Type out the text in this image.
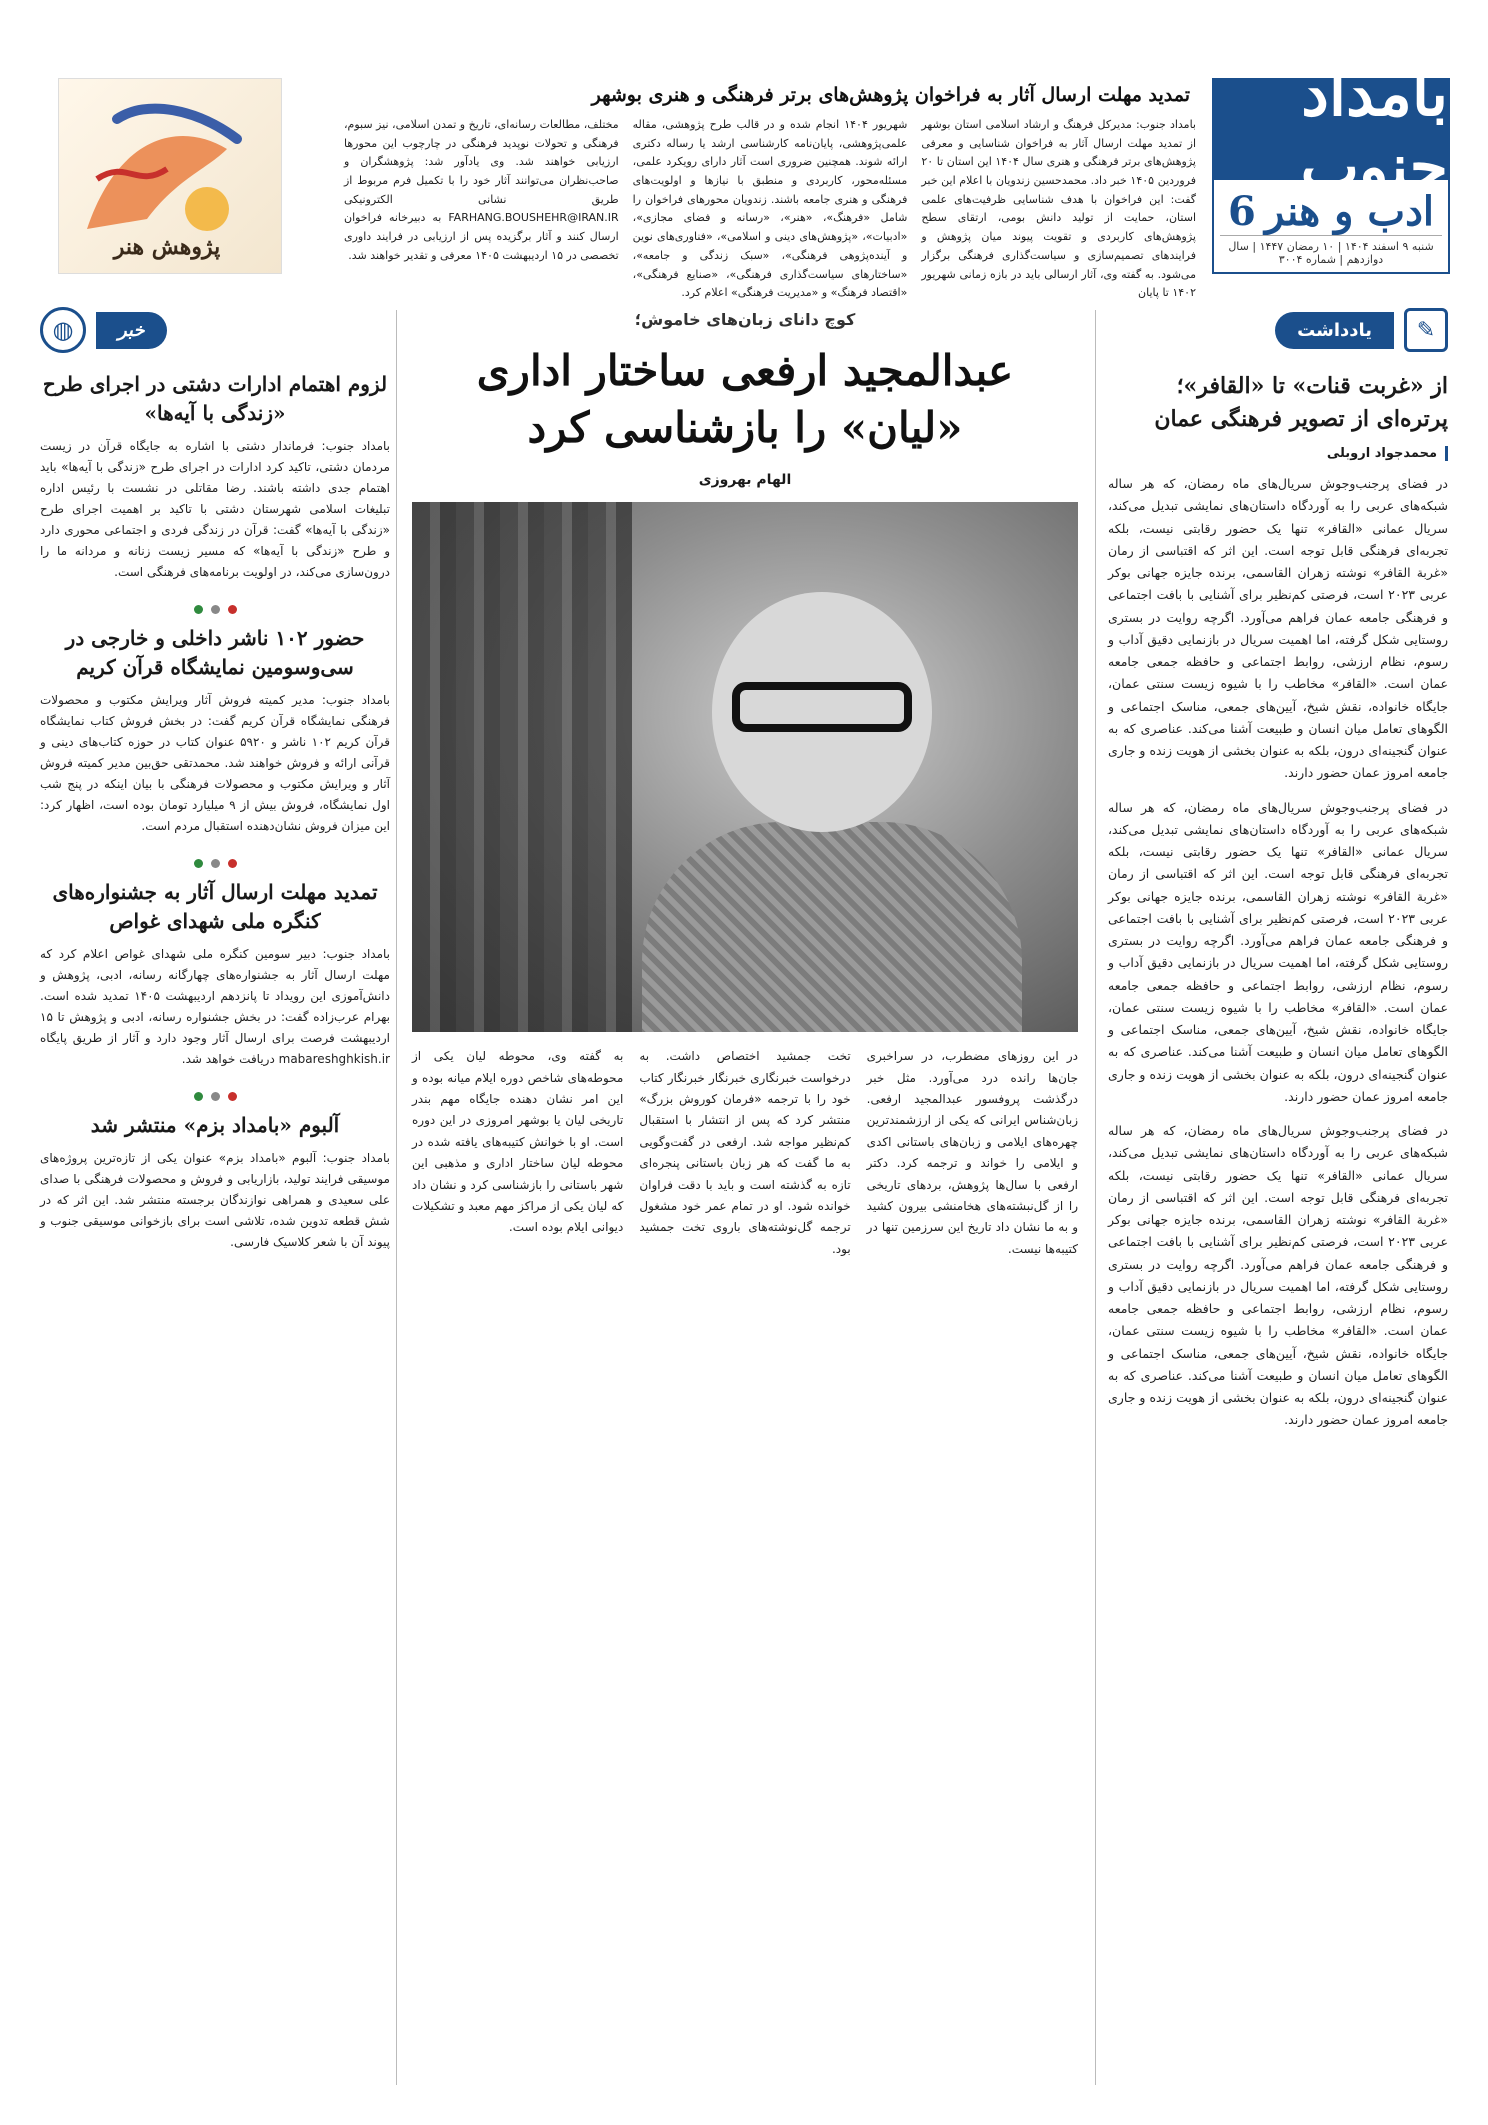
بامداد جنوب
ادب و هنر
6
شنبه ۹ اسفند ۱۴۰۴ | ۱۰ رمضان ۱۴۴۷ | سال دوازدهم | شماره ۳۰۰۴
تمدید مهلت ارسال آثار به فراخوان پژوهش‌های برتر فرهنگی و هنری بوشهر

بامداد جنوب: مدیرکل فرهنگ و ارشاد اسلامی استان بوشهر از تمدید مهلت ارسال آثار به فراخوان شناسایی و معرفی پژوهش‌های برتر فرهنگی و هنری سال ۱۴۰۴ این استان تا ۲۰ فروردین ۱۴۰۵ خبر داد. محمدحسین زندویان با اعلام این خبر گفت: این فراخوان با هدف شناسایی ظرفیت‌های علمی استان، حمایت از تولید دانش بومی، ارتقای سطح پژوهش‌های کاربردی و تقویت پیوند میان پژوهش و فرایندهای تصمیم‌سازی و سیاست‌گذاری فرهنگی برگزار می‌شود. به گفته وی، آثار ارسالی باید در بازه زمانی شهریور ۱۴۰۲ تا پایان

شهریور ۱۴۰۴ انجام شده و در قالب طرح پژوهشی، مقاله علمی‌پژوهشی، پایان‌نامه کارشناسی ارشد یا رساله دکتری ارائه شوند. همچنین ضروری است آثار دارای رویکرد علمی، مسئله‌محور، کاربردی و منطبق با نیازها و اولویت‌های فرهنگی و هنری جامعه باشند. زندویان محورهای فراخوان را شامل «فرهنگ»، «هنر»، «رسانه و فضای مجازی»، «ادبیات»، «پژوهش‌های دینی و اسلامی»، «فناوری‌های نوین و آینده‌پژوهی فرهنگی»، «سبک زندگی و جامعه»، «ساختارهای سیاست‌گذاری فرهنگی»، «صنایع فرهنگی»، «اقتصاد فرهنگ» و «مدیریت فرهنگی» اعلام کرد.

مختلف، مطالعات رسانه‌ای، تاریخ و تمدن اسلامی، نیز سبوم، فرهنگی و تحولات نوپدید فرهنگی در چارچوب این محورها ارزیابی خواهند شد. وی یادآور شد: پژوهشگران و صاحب‌نظران می‌توانند آثار خود را با تکمیل فرم مربوط از طریق نشانی الکترونیکی FARHANG.BOUSHEHR@IRAN.IR به دبیرخانه فراخوان ارسال کنند و آثار برگزیده پس از ارزیابی در فرایند داوری تخصصی در ۱۵ اردیبهشت ۱۴۰۵ معرفی و تقدیر خواهند شد.

پژوهش هنر
✎
یادداشت
خبر
◍
از «غربت قنات» تا «القافر»؛ پرتره‌ای از تصویر فرهنگی عمان
محمدجواد اروبلی

در فضای پرجنب‌وجوش سریال‌های ماه رمضان، که هر ساله شبکه‌های عربی را به آوردگاه داستان‌های نمایشی تبدیل می‌کند، سریال عمانی «القافر» تنها یک حضور رقابتی نیست، بلکه تجربه‌ای فرهنگی قابل توجه است. این اثر که اقتباسی از رمان «غربة القافر» نوشته زهران القاسمی، برنده جایزه جهانی بوکر عربی ۲۰۲۳ است، فرصتی کم‌نظیر برای آشنایی با بافت اجتماعی و فرهنگی جامعه عمان فراهم می‌آورد. اگرچه روایت در بستری روستایی شکل گرفته، اما اهمیت سریال در بازنمایی دقیق آداب و رسوم، نظام ارزشی، روابط اجتماعی و حافظه جمعی جامعه عمان است. «القافر» مخاطب را با شیوه زیست سنتی عمان، جایگاه خانواده، نقش شیخ، آیین‌های جمعی، مناسک اجتماعی و الگوهای تعامل میان انسان و طبیعت آشنا می‌کند. عناصری که به عنوان گنجینه‌ای درون، بلکه به عنوان بخشی از هویت زنده و جاری جامعه امروز عمان حضور دارند.

در فضای پرجنب‌وجوش سریال‌های ماه رمضان، که هر ساله شبکه‌های عربی را به آوردگاه داستان‌های نمایشی تبدیل می‌کند، سریال عمانی «القافر» تنها یک حضور رقابتی نیست، بلکه تجربه‌ای فرهنگی قابل توجه است. این اثر که اقتباسی از رمان «غربة القافر» نوشته زهران القاسمی، برنده جایزه جهانی بوکر عربی ۲۰۲۳ است، فرصتی کم‌نظیر برای آشنایی با بافت اجتماعی و فرهنگی جامعه عمان فراهم می‌آورد. اگرچه روایت در بستری روستایی شکل گرفته، اما اهمیت سریال در بازنمایی دقیق آداب و رسوم، نظام ارزشی، روابط اجتماعی و حافظه جمعی جامعه عمان است. «القافر» مخاطب را با شیوه زیست سنتی عمان، جایگاه خانواده، نقش شیخ، آیین‌های جمعی، مناسک اجتماعی و الگوهای تعامل میان انسان و طبیعت آشنا می‌کند. عناصری که به عنوان گنجینه‌ای درون، بلکه به عنوان بخشی از هویت زنده و جاری جامعه امروز عمان حضور دارند.

در فضای پرجنب‌وجوش سریال‌های ماه رمضان، که هر ساله شبکه‌های عربی را به آوردگاه داستان‌های نمایشی تبدیل می‌کند، سریال عمانی «القافر» تنها یک حضور رقابتی نیست، بلکه تجربه‌ای فرهنگی قابل توجه است. این اثر که اقتباسی از رمان «غربة القافر» نوشته زهران القاسمی، برنده جایزه جهانی بوکر عربی ۲۰۲۳ است، فرصتی کم‌نظیر برای آشنایی با بافت اجتماعی و فرهنگی جامعه عمان فراهم می‌آورد. اگرچه روایت در بستری روستایی شکل گرفته، اما اهمیت سریال در بازنمایی دقیق آداب و رسوم، نظام ارزشی، روابط اجتماعی و حافظه جمعی جامعه عمان است. «القافر» مخاطب را با شیوه زیست سنتی عمان، جایگاه خانواده، نقش شیخ، آیین‌های جمعی، مناسک اجتماعی و الگوهای تعامل میان انسان و طبیعت آشنا می‌کند. عناصری که به عنوان گنجینه‌ای درون، بلکه به عنوان بخشی از هویت زنده و جاری جامعه امروز عمان حضور دارند.

کوچ دانای زبان‌های خاموش؛
عبدالمجید ارفعی ساختار اداری «لیان» را بازشناسی کرد
الهام بهروزی

در این روزهای مضطرب، در سراخبری جان‌ها رانده درد می‌آورد. مثل خبر درگذشت پروفسور عبدالمجید ارفعی. زبان‌شناس ایرانی که یکی از ارزشمندترین چهره‌های ایلامی و زبان‌های باستانی اکدی و ایلامی را خواند و ترجمه کرد. دکتر ارفعی با سال‌ها پژوهش، بردهای تاریخی را از گل‌نبشته‌های هخامنشی بیرون کشید و به ما نشان داد تاریخ این سرزمین تنها در کتیبه‌ها نیست.

تخت جمشید اختصاص داشت. به درخواست خبرنگاری خبرنگار خبرنگار کتاب خود را با ترجمه «فرمان کوروش بزرگ» منتشر کرد که پس از انتشار با استقبال کم‌نظیر مواجه شد. ارفعی در گفت‌وگویی به ما گفت که هر زبان باستانی پنجره‌ای تازه به گذشته است و باید با دقت فراوان خوانده شود. او در تمام عمر خود مشغول ترجمه گل‌نوشته‌های باروی تخت جمشید بود.

به گفته وی، محوطه لیان یکی از محوطه‌های شاخص دوره ایلام میانه بوده و این امر نشان دهنده جایگاه مهم بندر تاریخی لیان یا بوشهر امروزی در این دوره است. او با خوانش کتیبه‌های یافته شده در محوطه لیان ساختار اداری و مذهبی این شهر باستانی را بازشناسی کرد و نشان داد که لیان یکی از مراکز مهم معبد و تشکیلات دیوانی ایلام بوده است.

لزوم اهتمام ادارات دشتی در اجرای طرح «زندگی با آیه‌ها»

بامداد جنوب: فرماندار دشتی با اشاره به جایگاه قرآن در زیست مردمان دشتی، تاکید کرد ادارات در اجرای طرح «زندگی با آیه‌ها» باید اهتمام جدی داشته باشند. رضا مقاتلی در نشست با رئیس اداره تبلیغات اسلامی شهرستان دشتی با تاکید بر اهمیت اجرای طرح «زندگی با آیه‌ها» گفت: قرآن در زندگی فردی و اجتماعی محوری دارد و طرح «زندگی با آیه‌ها» که مسیر زیست زنانه و مردانه ما را درون‌سازی می‌کند، در اولویت برنامه‌های فرهنگی است.

حضور ۱۰۲ ناشر داخلی و خارجی در سی‌وسومین نمایشگاه قرآن کریم

بامداد جنوب: مدیر کمیته فروش آثار ویرایش مکتوب و محصولات فرهنگی نمایشگاه قرآن کریم گفت: در بخش فروش کتاب نمایشگاه قرآن کریم ۱۰۲ ناشر و ۵۹۲۰ عنوان کتاب در حوزه کتاب‌های دینی و قرآنی ارائه و فروش خواهند شد. محمدتقی حق‌بین مدیر کمیته فروش آثار و ویرایش مکتوب و محصولات فرهنگی با بیان اینکه در پنج شب اول نمایشگاه، فروش بیش از ۹ میلیارد تومان بوده است، اظهار کرد: این میزان فروش نشان‌دهنده استقبال مردم است.

تمدید مهلت ارسال آثار به جشنواره‌های کنگره ملی شهدای غواص

بامداد جنوب: دبیر سومین کنگره ملی شهدای غواص اعلام کرد که مهلت ارسال آثار به جشنواره‌های چهارگانه رسانه، ادبی، پژوهش و دانش‌آموزی این رویداد تا پانزدهم اردیبهشت ۱۴۰۵ تمدید شده است. بهرام عرب‌زاده گفت: در بخش جشنواره رسانه، ادبی و پژوهش تا ۱۵ اردیبهشت فرصت برای ارسال آثار وجود دارد و آثار از طریق پایگاه mabareshghkish.ir دریافت خواهد شد.

آلبوم «بامداد بزم» منتشر شد

بامداد جنوب: آلبوم «بامداد بزم» عنوان یکی از تازه‌ترین پروژه‌های موسیقی فرایند تولید، بازاریابی و فروش و محصولات فرهنگی با صدای علی سعیدی و همراهی نوازندگان برجسته منتشر شد. این اثر که در شش قطعه تدوین شده، تلاشی است برای بازخوانی موسیقی جنوب و پیوند آن با شعر کلاسیک فارسی.
